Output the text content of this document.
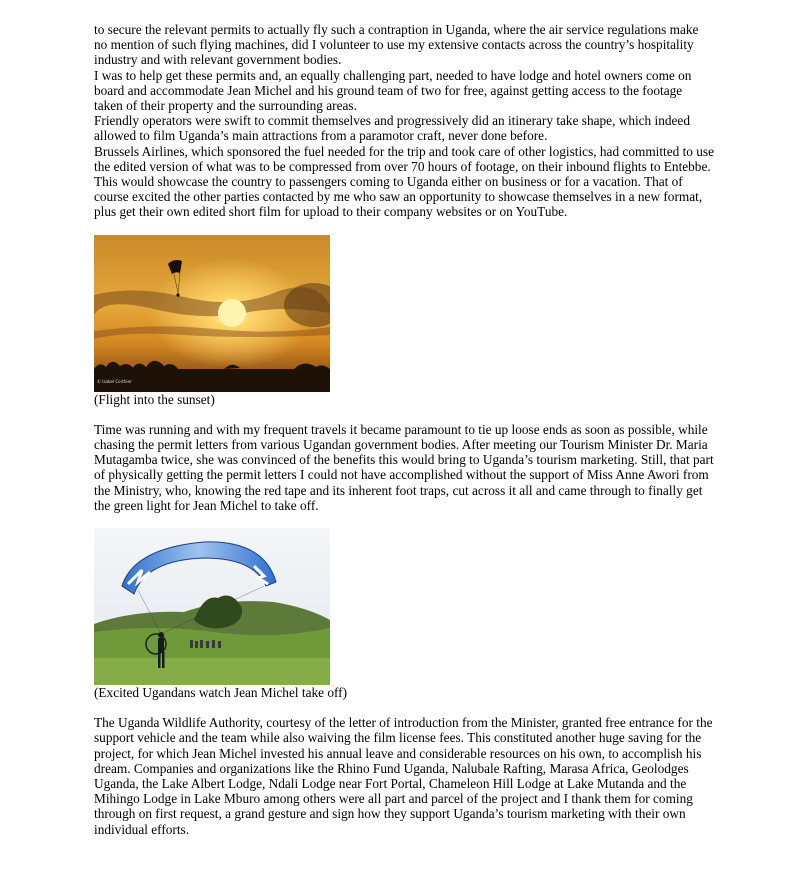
to secure the relevant permits to actually fly such a contraption in Uganda, where the air service regulations make no mention of such flying machines, did I volunteer to use my extensive contacts across the country’s hospitality industry and with relevant government bodies.

I was to help get these permits and, an equally challenging part, needed to have lodge and hotel owners come on board and accommodate Jean Michel and his ground team of two for free, against getting access to the footage taken of their property and the surrounding areas.

Friendly operators were swift to commit themselves and progressively did an itinerary take shape, which indeed allowed to film Uganda’s main attractions from a paramotor craft, never done before.

Brussels Airlines, which sponsored the fuel needed for the trip and took care of other logistics, had committed to use the edited version of what was to be compressed from over 70 hours of footage, on their inbound flights to Entebbe. This would showcase the country to passengers coming to Uganda either on business or for a vacation. That of course excited the other parties contacted by me who saw an opportunity to showcase themselves in a new format, plus get their own edited short film for upload to their company websites or on YouTube.

© Isabel Corthier

(Flight into the sunset)

Time was running and with my frequent travels it became paramount to tie up loose ends as soon as possible, while chasing the permit letters from various Ugandan government bodies. After meeting our Tourism Minister Dr. Maria Mutagamba twice, she was convinced of the benefits this would bring to Uganda’s tourism marketing. Still, that part of physically getting the permit letters I could not have accomplished without the support of Miss Anne Awori from the Ministry, who, knowing the red tape and its inherent foot traps, cut across it all and came through to finally get the green light for Jean Michel to take off.

(Excited Ugandans watch Jean Michel take off)

The Uganda Wildlife Authority, courtesy of the letter of introduction from the Minister, granted free entrance for the support vehicle and the team while also waiving the film license fees. This constituted another huge saving for the project, for which Jean Michel invested his annual leave and considerable resources on his own, to accomplish his dream. Companies and organizations like the Rhino Fund Uganda, Nalubale Rafting, Marasa Africa, Geolodges Uganda, the Lake Albert Lodge, Ndali Lodge near Fort Portal, Chameleon Hill Lodge at Lake Mutanda and the Mihingo Lodge in Lake Mburo among others were all part and parcel of the project and I thank them for coming through on first request, a grand gesture and sign how they support Uganda’s tourism marketing with their own individual efforts.
